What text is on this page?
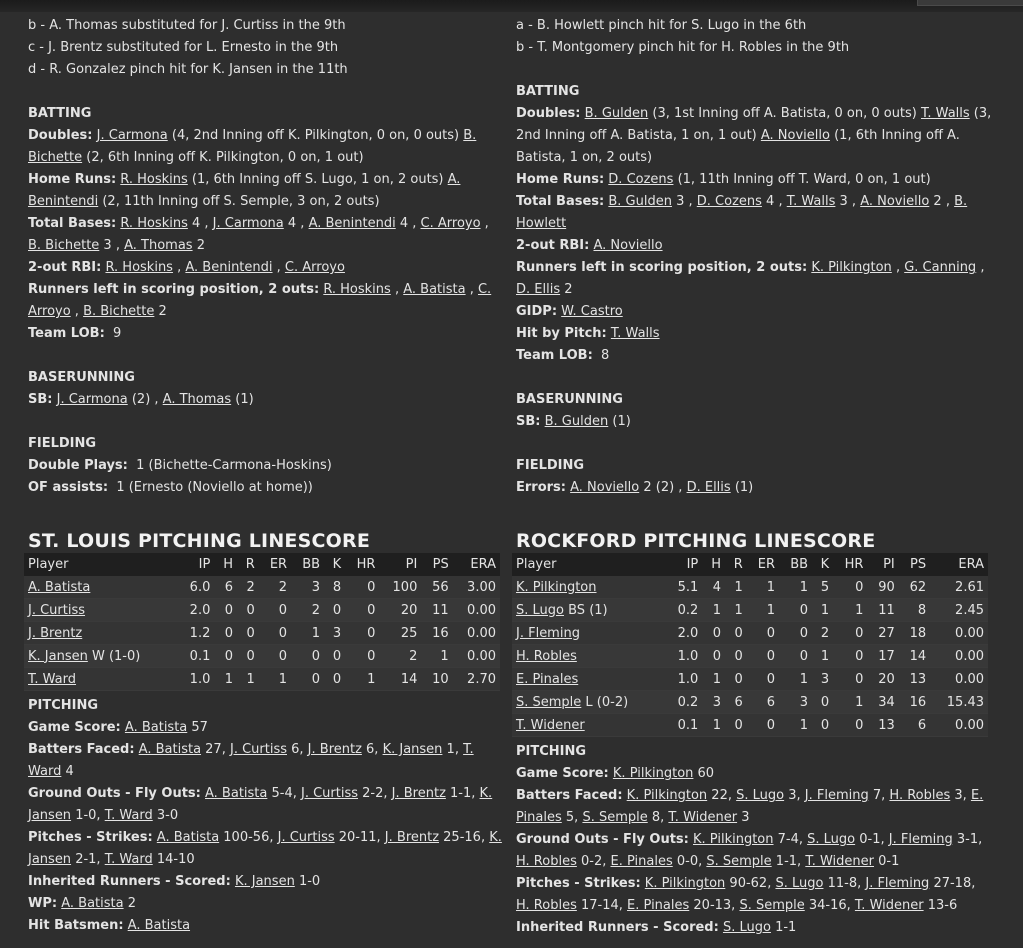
b - A. Thomas substituted for J. Curtiss in the 9th

c - J. Brentz substituted for L. Ernesto in the 9th

d - R. Gonzalez pinch hit for K. Jansen in the 11th

BATTING

Doubles: J. Carmona (4, 2nd Inning off K. Pilkington, 0 on, 0 outs) B. Bichette (2, 6th Inning off K. Pilkington, 0 on, 1 out)

Home Runs: R. Hoskins (1, 6th Inning off S. Lugo, 1 on, 2 outs) A. Benintendi (2, 11th Inning off S. Semple, 3 on, 2 outs)

Total Bases: R. Hoskins 4 , J. Carmona 4 , A. Benintendi 4 , C. Arroyo , B. Bichette 3 , A. Thomas 2

2-out RBI: R. Hoskins , A. Benintendi , C. Arroyo

Runners left in scoring position, 2 outs: R. Hoskins , A. Batista , C. Arroyo , B. Bichette 2

Team LOB: 9

BASERUNNING

SB: J. Carmona (2) , A. Thomas (1)

FIELDING

Double Plays: 1 (Bichette-Carmona-Hoskins)

OF assists: 1 (Ernesto (Noviello at home))

a - B. Howlett pinch hit for S. Lugo in the 6th

b - T. Montgomery pinch hit for H. Robles in the 9th

BATTING

Doubles: B. Gulden (3, 1st Inning off A. Batista, 0 on, 0 outs) T. Walls (3, 2nd Inning off A. Batista, 1 on, 1 out) A. Noviello (1, 6th Inning off A. Batista, 1 on, 2 outs)

Home Runs: D. Cozens (1, 11th Inning off T. Ward, 0 on, 1 out)

Total Bases: B. Gulden 3 , D. Cozens 4 , T. Walls 3 , A. Noviello 2 , B. Howlett

2-out RBI: A. Noviello

Runners left in scoring position, 2 outs: K. Pilkington , G. Canning , D. Ellis 2

GIDP: W. Castro

Hit by Pitch: T. Walls

Team LOB: 8

BASERUNNING

SB: B. Gulden (1)

FIELDING

Errors: A. Noviello 2 (2) , D. Ellis (1)

ST. LOUIS PITCHING LINESCORE
Player	IP	H	R	ER	BB	K	HR	PI	PS	ERA
A. Batista	6.0	6	2	2	3	8	0	100	56	3.00
J. Curtiss	2.0	0	0	0	2	0	0	20	11	0.00
J. Brentz	1.2	0	0	0	1	3	0	25	16	0.00
K. Jansen W (1-0)	0.1	0	0	0	0	0	0	2	1	0.00
T. Ward	1.0	1	1	1	0	0	1	14	10	2.70
PITCHING

Game Score: A. Batista 57

Batters Faced: A. Batista 27, J. Curtiss 6, J. Brentz 6, K. Jansen 1, T. Ward 4

Ground Outs - Fly Outs: A. Batista 5-4, J. Curtiss 2-2, J. Brentz 1-1, K. Jansen 1-0, T. Ward 3-0

Pitches - Strikes: A. Batista 100-56, J. Curtiss 20-11, J. Brentz 25-16, K. Jansen 2-1, T. Ward 14-10

Inherited Runners - Scored: K. Jansen 1-0

WP: A. Batista 2

Hit Batsmen: A. Batista

ROCKFORD PITCHING LINESCORE
Player	IP	H	R	ER	BB	K	HR	PI	PS	ERA
K. Pilkington	5.1	4	1	1	1	5	0	90	62	2.61
S. Lugo BS (1)	0.2	1	1	1	0	1	1	11	8	2.45
J. Fleming	2.0	0	0	0	0	2	0	27	18	0.00
H. Robles	1.0	0	0	0	0	1	0	17	14	0.00
E. Pinales	1.0	1	0	0	1	3	0	20	13	0.00
S. Semple L (0-2)	0.2	3	6	6	3	0	1	34	16	15.43
T. Widener	0.1	1	0	0	1	0	0	13	6	0.00
PITCHING

Game Score: K. Pilkington 60

Batters Faced: K. Pilkington 22, S. Lugo 3, J. Fleming 7, H. Robles 3, E. Pinales 5, S. Semple 8, T. Widener 3

Ground Outs - Fly Outs: K. Pilkington 7-4, S. Lugo 0-1, J. Fleming 3-1, H. Robles 0-2, E. Pinales 0-0, S. Semple 1-1, T. Widener 0-1

Pitches - Strikes: K. Pilkington 90-62, S. Lugo 11-8, J. Fleming 27-18, H. Robles 17-14, E. Pinales 20-13, S. Semple 34-16, T. Widener 13-6

Inherited Runners - Scored: S. Lugo 1-1
